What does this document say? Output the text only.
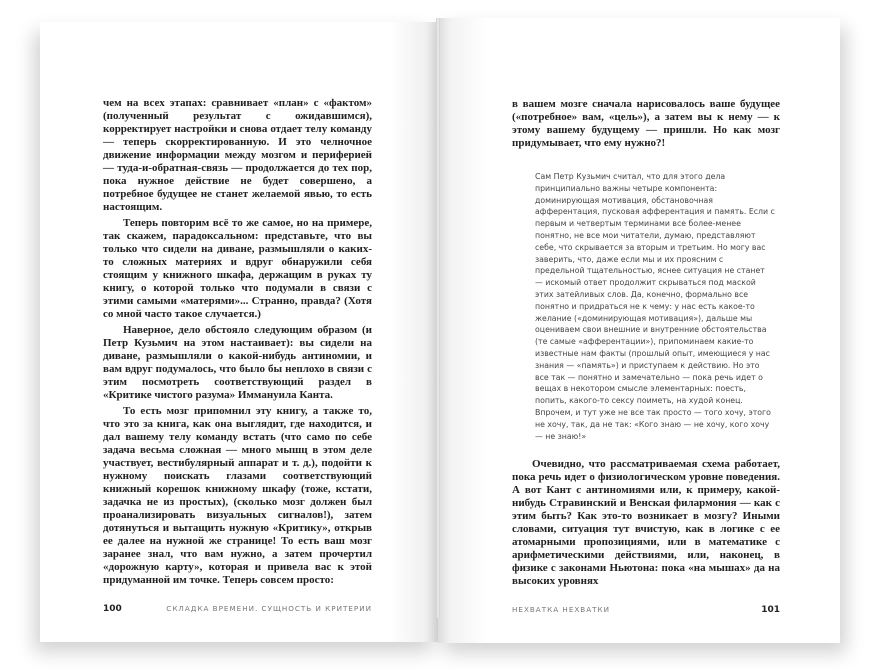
чем на всех этапах: сравнивает «план» с «фактом» (полученный результат с ожидавшимся), корректирует настройки и снова отдает телу команду — теперь скорректированную. И это челночное движение информации между мозгом и периферией — туда-и-обратная-связь — продолжается до тех пор, пока нужное действие не будет совершено, а потребное будущее не станет желаемой явью, то есть настоящим.

Теперь повторим всё то же самое, но на примере, так скажем, парадоксальном: представьте, что вы только что сидели на диване, размышляли о каких-то сложных материях и вдруг обнаружили себя стоящим у книжного шкафа, держащим в руках ту книгу, о которой только что подумали в связи с этими самыми «матерями»... Странно, правда? (Хотя со мной часто такое случается.)

Наверное, дело обстояло следующим образом (и Петр Кузьмич на этом настаивает): вы сидели на диване, размышляли о какой-нибудь антиномии, и вам вдруг подумалось, что было бы неплохо в связи с этим посмотреть соответствующий раздел в «Критике чистого разума» Иммануила Канта.

То есть мозг припомнил эту книгу, а также то, что это за книга, как она выглядит, где находится, и дал вашему телу команду встать (что само по себе задача весьма сложная — много мышц в этом деле участвует, вестибулярный аппарат и т. д.), подойти к нужному поискать глазами соответствующий книжный корешок книжному шкафу (тоже, кстати, задачка не из простых), (сколько мозг должен был проанализировать визуальных сигналов!), затем дотянуться и вытащить нужную «Критику», открыв ее далее на нужной же странице! То есть ваш мозг заранее знал, что вам нужно, а затем прочертил «дорожную карту», которая и привела вас к этой придуманной им точке. Теперь совсем просто:

100	СКЛАДКА ВРЕМЕНИ. СУЩНОСТЬ И КРИТЕРИИ

в вашем мозге сначала нарисовалось ваше будущее («потребное» вам, «цель»), а затем вы к нему — к этому вашему будущему — пришли. Но как мозг придумывает, что ему нужно?!

Сам Петр Кузьмич считал, что для этого дела принципиально важны четыре компонента: доминирующая мотивация, обстановочная афферентация, пусковая афферентация и память. Если с первым и четвертым терминами все более-менее понятно, не все мои читатели, думаю, представляют себе, что скрывается за вторым и третьим. Но могу вас заверить, что, даже если мы и их проясним с предельной тщательностью, яснее ситуация не станет — искомый ответ продолжит скрываться под маской этих затейливых слов. Да, конечно, формально все понятно и придраться не к чему: у нас есть какое-то желание («доминирующая мотивация»), дальше мы оцениваем свои внешние и внутренние обстоятельства (те самые «афферентации»), припоминаем какие-то известные нам факты (прошлый опыт, имеющиеся у нас знания — «память») и приступаем к действию. Но это все так — понятно и замечательно — пока речь идет о вещах в некотором смысле элементарных: поесть, попить, какого-то сексу поиметь, на худой конец. Впрочем, и тут уже не все так просто — того хочу, этого не хочу, так, да не так: «Кого знаю — не хочу, кого хочу — не знаю!»

Очевидно, что рассматриваемая схема работает, пока речь идет о физиологическом уровне поведения. А вот Кант с антиномиями или, к примеру, какой-нибудь Стравинский и Венская филармония — как с этим быть? Как это-то возникает в мозгу? Иными словами, ситуация тут вчистую, как в логике с ее атомарными пропозициями, или в математике с арифметическими действиями, или, наконец, в физике с законами Ньютона: пока «на мышах» да на высоких уровнях

НЕХВАТКА НЕХВАТКИ	101
